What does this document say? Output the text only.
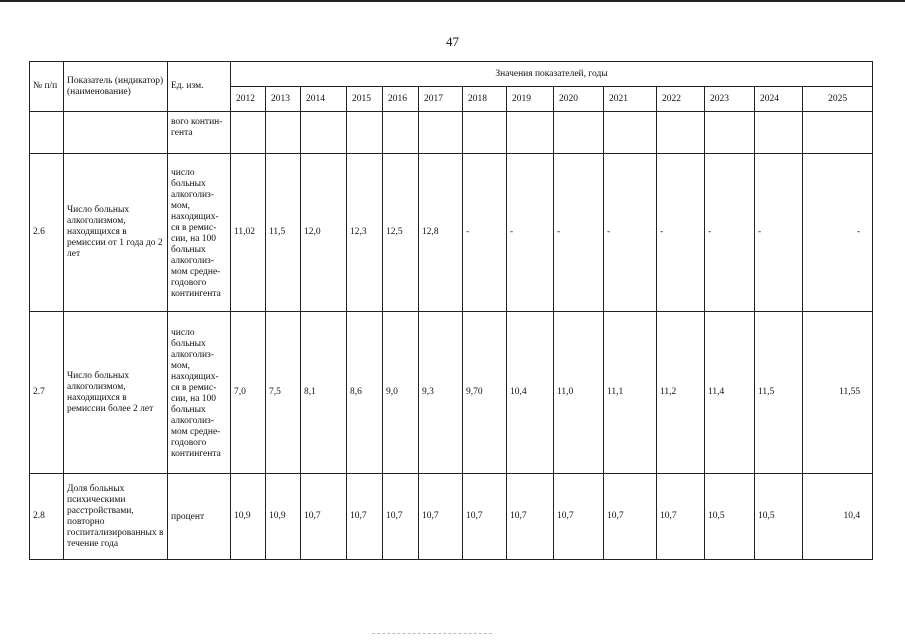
47
№ п/п	Показатель (индикатор) (наименование)	Ед. изм.	Значения показателей, годы													
			2012	2013	2014	2015	2016	2017	2018	2019	2020	2021	2022	2023	2024	2025
		вого контин-гента														
2.6	Число больных алкоголизмом, находящихся в ремиссии от 1 года до 2 лет	число больных алкоголиз-мом, находящих-ся в ремис-сии, на 100 больных алкоголиз-мом средне-годового контингента	11,02	11,5	12,0	12,3	12,5	12,8	-	-	-	-	-	-	-	-
2.7	Число больных алкоголизмом, находящихся в ремиссии более 2 лет	число больных алкоголиз-мом, находящих-ся в ремис-сии, на 100 больных алкоголиз-мом средне-годового контингента	7,0	7,5	8,1	8,6	9,0	9,3	9,70	10,4	11,0	11,1	11,2	11,4	11,5	11,55
2.8	Доля больных психическими расстройствами, повторно госпитализированных в течение года	процент	10,9	10,9	10,7	10,7	10,7	10,7	10,7	10,7	10,7	10,7	10,7	10,5	10,5	10,4
